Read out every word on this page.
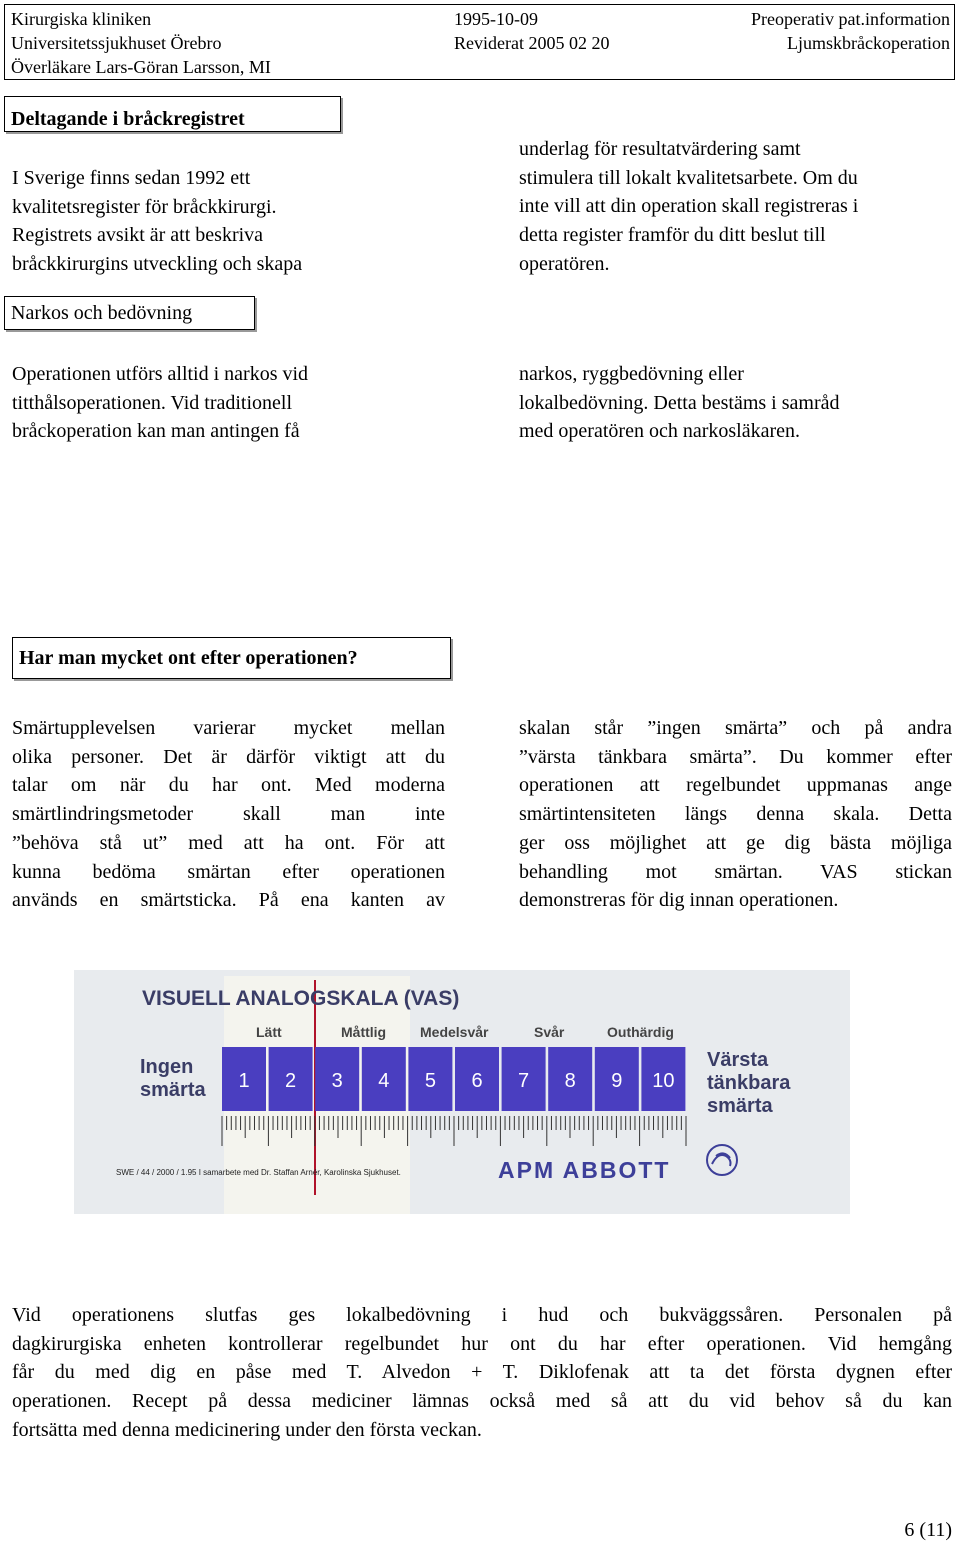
Kirurgiska kliniken	1995-10-09	Preoperativ pat.information
Universitetssjukhuset Örebro	Reviderat 2005 02 20	Ljumskbråckoperation
Överläkare Lars-Göran Larsson, MI
Deltagande i bråckregistret
I Sverige finns sedan 1992 ett
kvalitetsregister för bråckkirurgi.
Registrets avsikt är att beskriva
bråckkirurgins utveckling och skapa
underlag för resultatvärdering samt
stimulera till lokalt kvalitetsarbete. Om du
inte vill att din operation skall registreras i
detta register framför du ditt beslut till
operatören.
Narkos och bedövning
Operationen utförs alltid i narkos vid
titthålsoperationen. Vid traditionell
bråckoperation kan man antingen få
narkos, ryggbedövning eller
lokalbedövning. Detta bestäms i samråd
med operatören och narkosläkaren.
Har man mycket ont efter operationen?
Smärtupplevelsen varierar mycket mellan
olika personer. Det är därför viktigt att du
talar om när du har ont. Med moderna
smärtlindringsmetoder skall man inte
”behöva stå ut” med att ha ont. För att
kunna bedöma smärtan efter operationen
används en smärtsticka. På ena kanten av
skalan står ”ingen smärta” och på andra
”värsta tänkbara smärta”. Du kommer efter
operationen att regelbundet uppmanas ange
smärtintensiteten längs denna skala. Detta
ger oss möjlighet att ge dig bästa möjliga
behandling mot smärtan. VAS stickan
demonstreras för dig innan operationen.
VISUELL ANALOGSKALA (VAS)
Lätt	Måttlig Medelsvår	Svår	Outhärdig
Ingen
smärta 1 2 3 4 5 6 7 8 9 10
Värsta
tänkbara
smärta
SWE / 44 / 2000 / 1.95 I samarbete med Dr. Staffan Arnér, Karolinska Sjukhuset.	APM ABBOTT
Vid operationens slutfas ges lokalbedövning i hud och bukväggssåren. Personalen på
dagkirurgiska enheten kontrollerar regelbundet hur ont du har efter operationen. Vid hemgång
får du med dig en påse med T. Alvedon + T. Diklofenak att ta det första dygnen efter
operationen. Recept på dessa mediciner lämnas också med så att du vid behov så du kan
fortsätta med denna medicinering under den första veckan.
6 (11)
